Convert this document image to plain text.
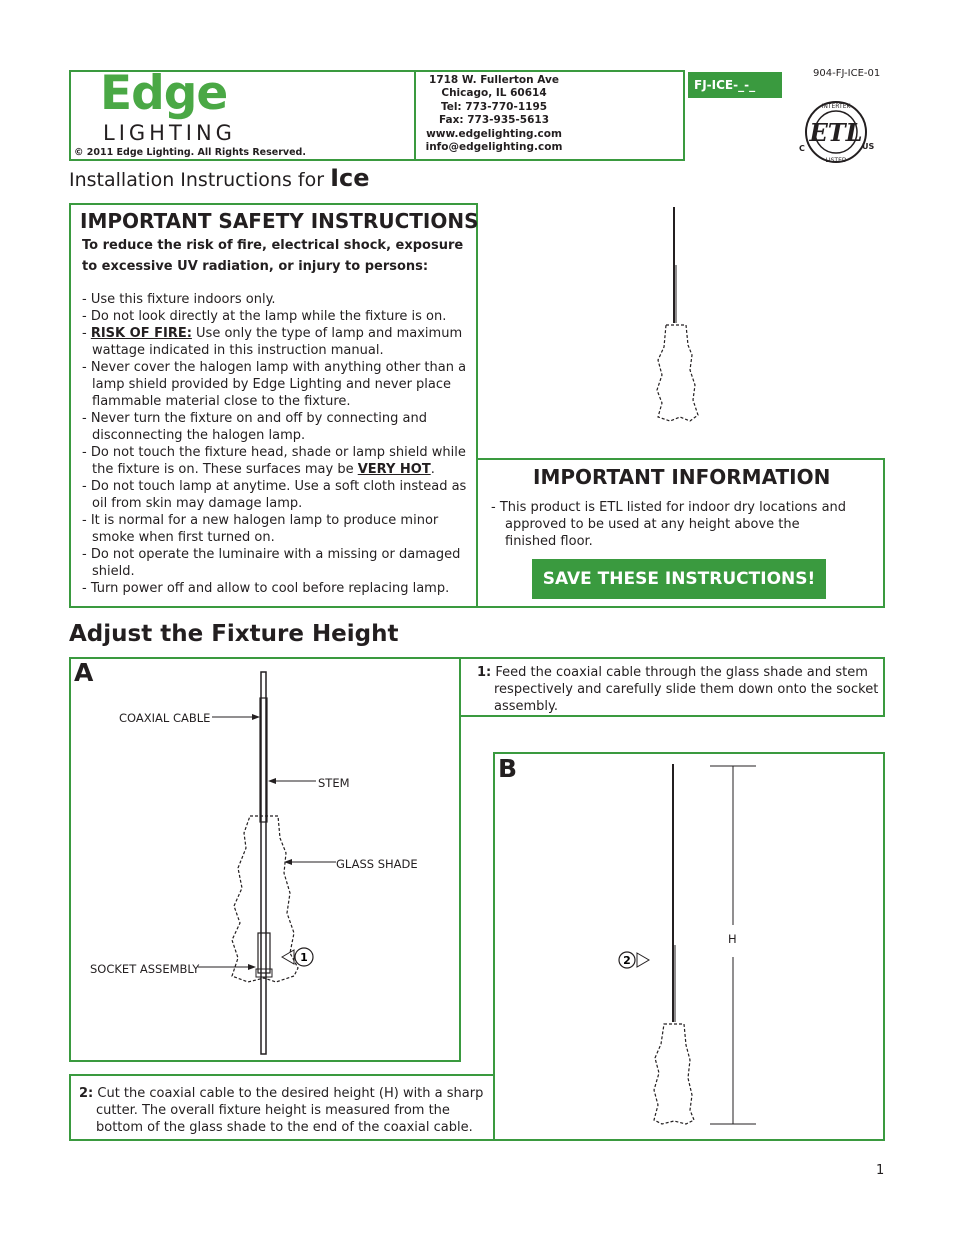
Edge
LIGHTING
© 2011 Edge Lighting. All Rights Reserved.
1718 W. Fullerton Ave
Chicago, IL 60614
Tel: 773-770-1195
Fax: 773-935-5613
www.edgelighting.com
info@edgelighting.com
FJ-ICE-_-_
904-FJ-ICE-01
ETL
INTERTEK
LISTED
C	US
Installation Instructions for Ice
IMPORTANT SAFETY INSTRUCTIONS
To reduce the risk of fire, electrical shock, exposure to excessive UV radiation, or injury to persons:

- Use this fixture indoors only.

- Do not look directly at the lamp while the fixture is on.

- RISK OF FIRE: Use only the type of lamp and maximum wattage indicated in this instruction manual.

- Never cover the halogen lamp with anything other than a lamp shield provided by Edge Lighting and never place flammable material close to the fixture.

- Never turn the fixture on and off by connecting and disconnecting the halogen lamp.

- Do not touch the fixture head, shade or lamp shield while the fixture is on. These surfaces may be VERY HOT.

- Do not touch lamp at anytime. Use a soft cloth instead as oil from skin may damage lamp.

- It is normal for a new halogen lamp to produce minor smoke when first turned on.

- Do not operate the luminaire with a missing or damaged shield.

- Turn power off and allow to cool before replacing lamp.

IMPORTANT INFORMATION

- This product is ETL listed for indoor dry locations and approved to be used at any height above the finished floor.

SAVE THESE INSTRUCTIONS!
Adjust the Fixture Height
A
1
COAXIAL CABLE
STEM
GLASS SHADE
SOCKET ASSEMBLY
1: Feed the coaxial cable through the glass shade and stem respectively and carefully slide them down onto the socket assembly.
B
2
H
2: Cut the coaxial cable to the desired height (H) with a sharp cutter. The overall fixture height is measured from the bottom of the glass shade to the end of the coaxial cable.
1
